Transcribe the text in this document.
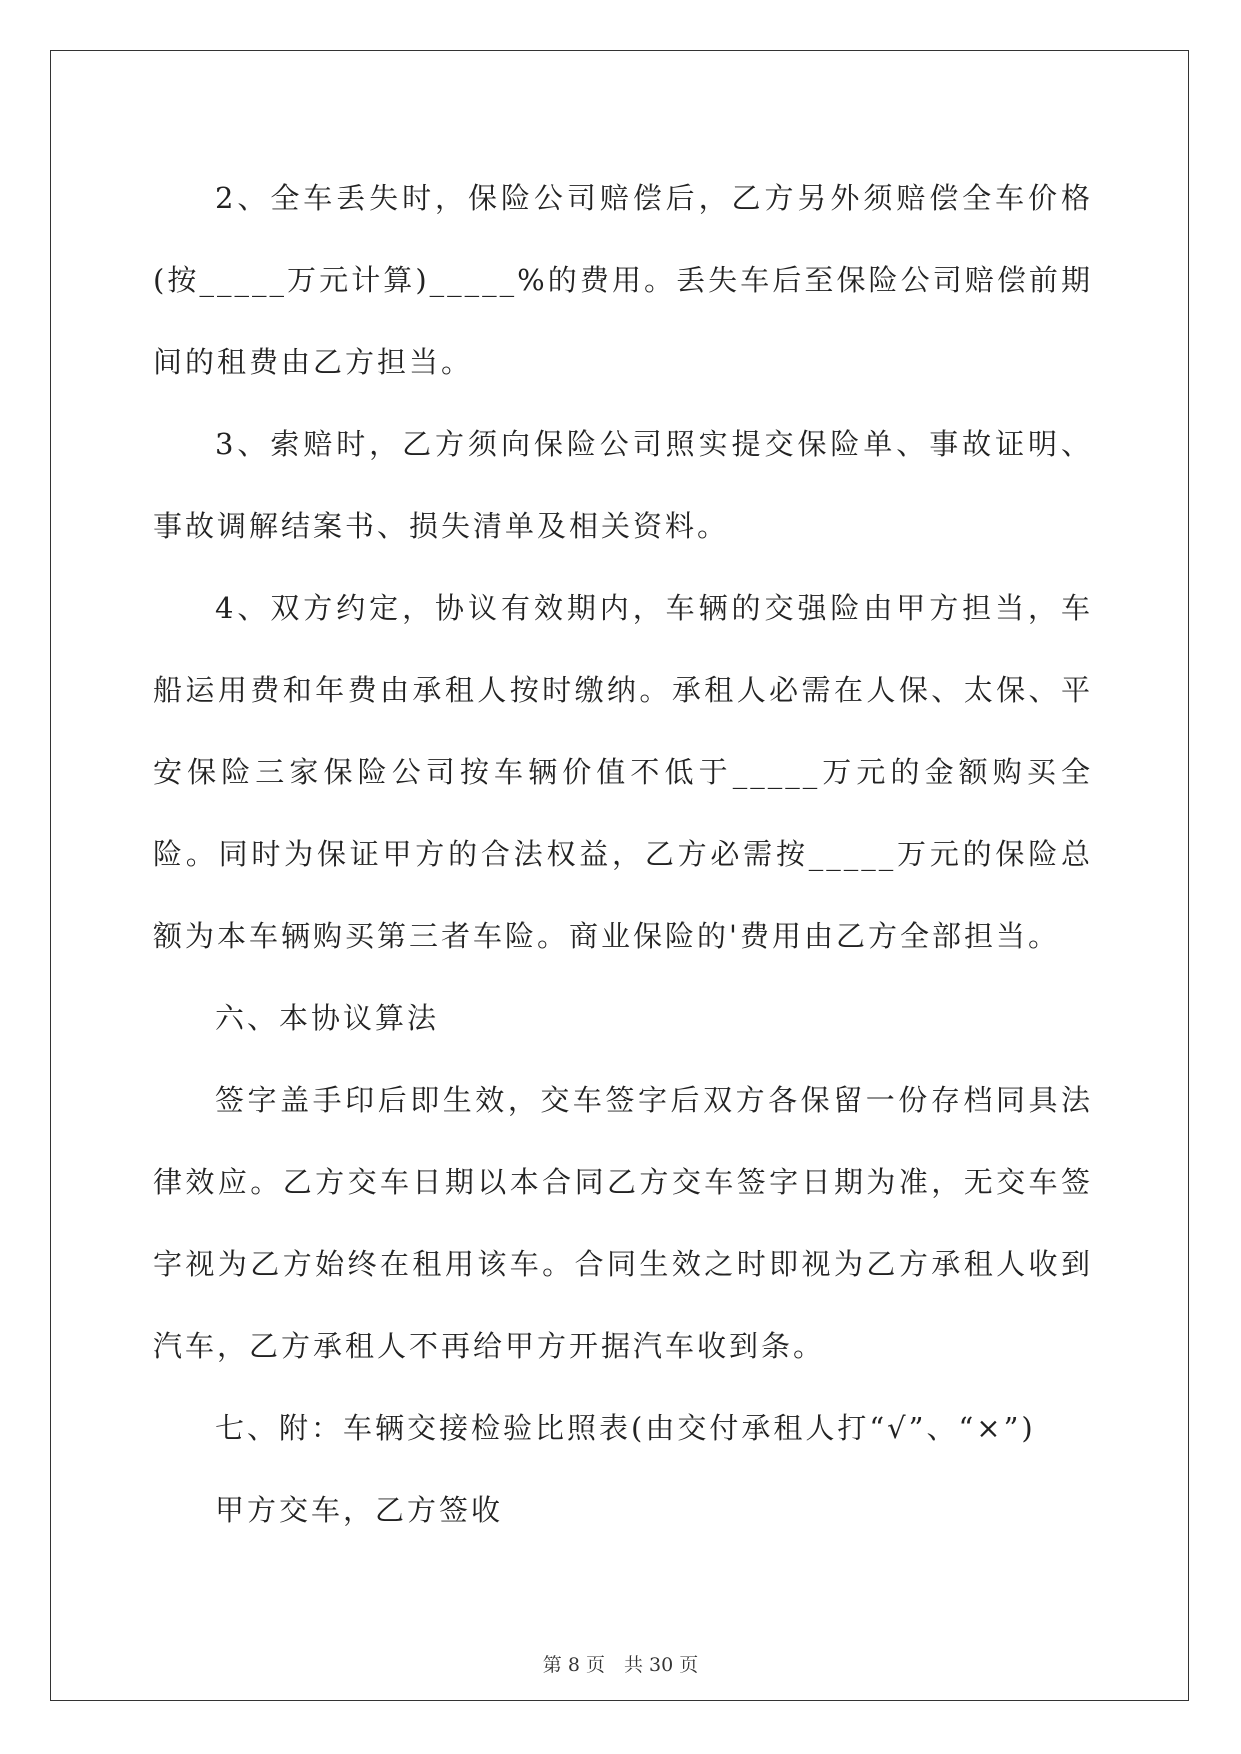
2、全车丢失时，保险公司赔偿后，乙方另外须赔偿全车价格(按_____万元计算)_____%的费用。丢失车后至保险公司赔偿前期间的租费由乙方担当。

3、索赔时，乙方须向保险公司照实提交保险单、事故证明、事故调解结案书、损失清单及相关资料。

4、双方约定，协议有效期内，车辆的交强险由甲方担当，车船运用费和年费由承租人按时缴纳。承租人必需在人保、太保、平安保险三家保险公司按车辆价值不低于_____万元的金额购买全险。同时为保证甲方的合法权益，乙方必需按_____万元的保险总额为本车辆购买第三者车险。商业保险的'费用由乙方全部担当。

六、本协议算法

签字盖手印后即生效，交车签字后双方各保留一份存档同具法律效应。乙方交车日期以本合同乙方交车签字日期为准，无交车签字视为乙方始终在租用该车。合同生效之时即视为乙方承租人收到汽车，乙方承租人不再给甲方开据汽车收到条。

七、附：车辆交接检验比照表(由交付承租人打“√”、“×”)

甲方交车，乙方签收

第 8 页　共 30 页
